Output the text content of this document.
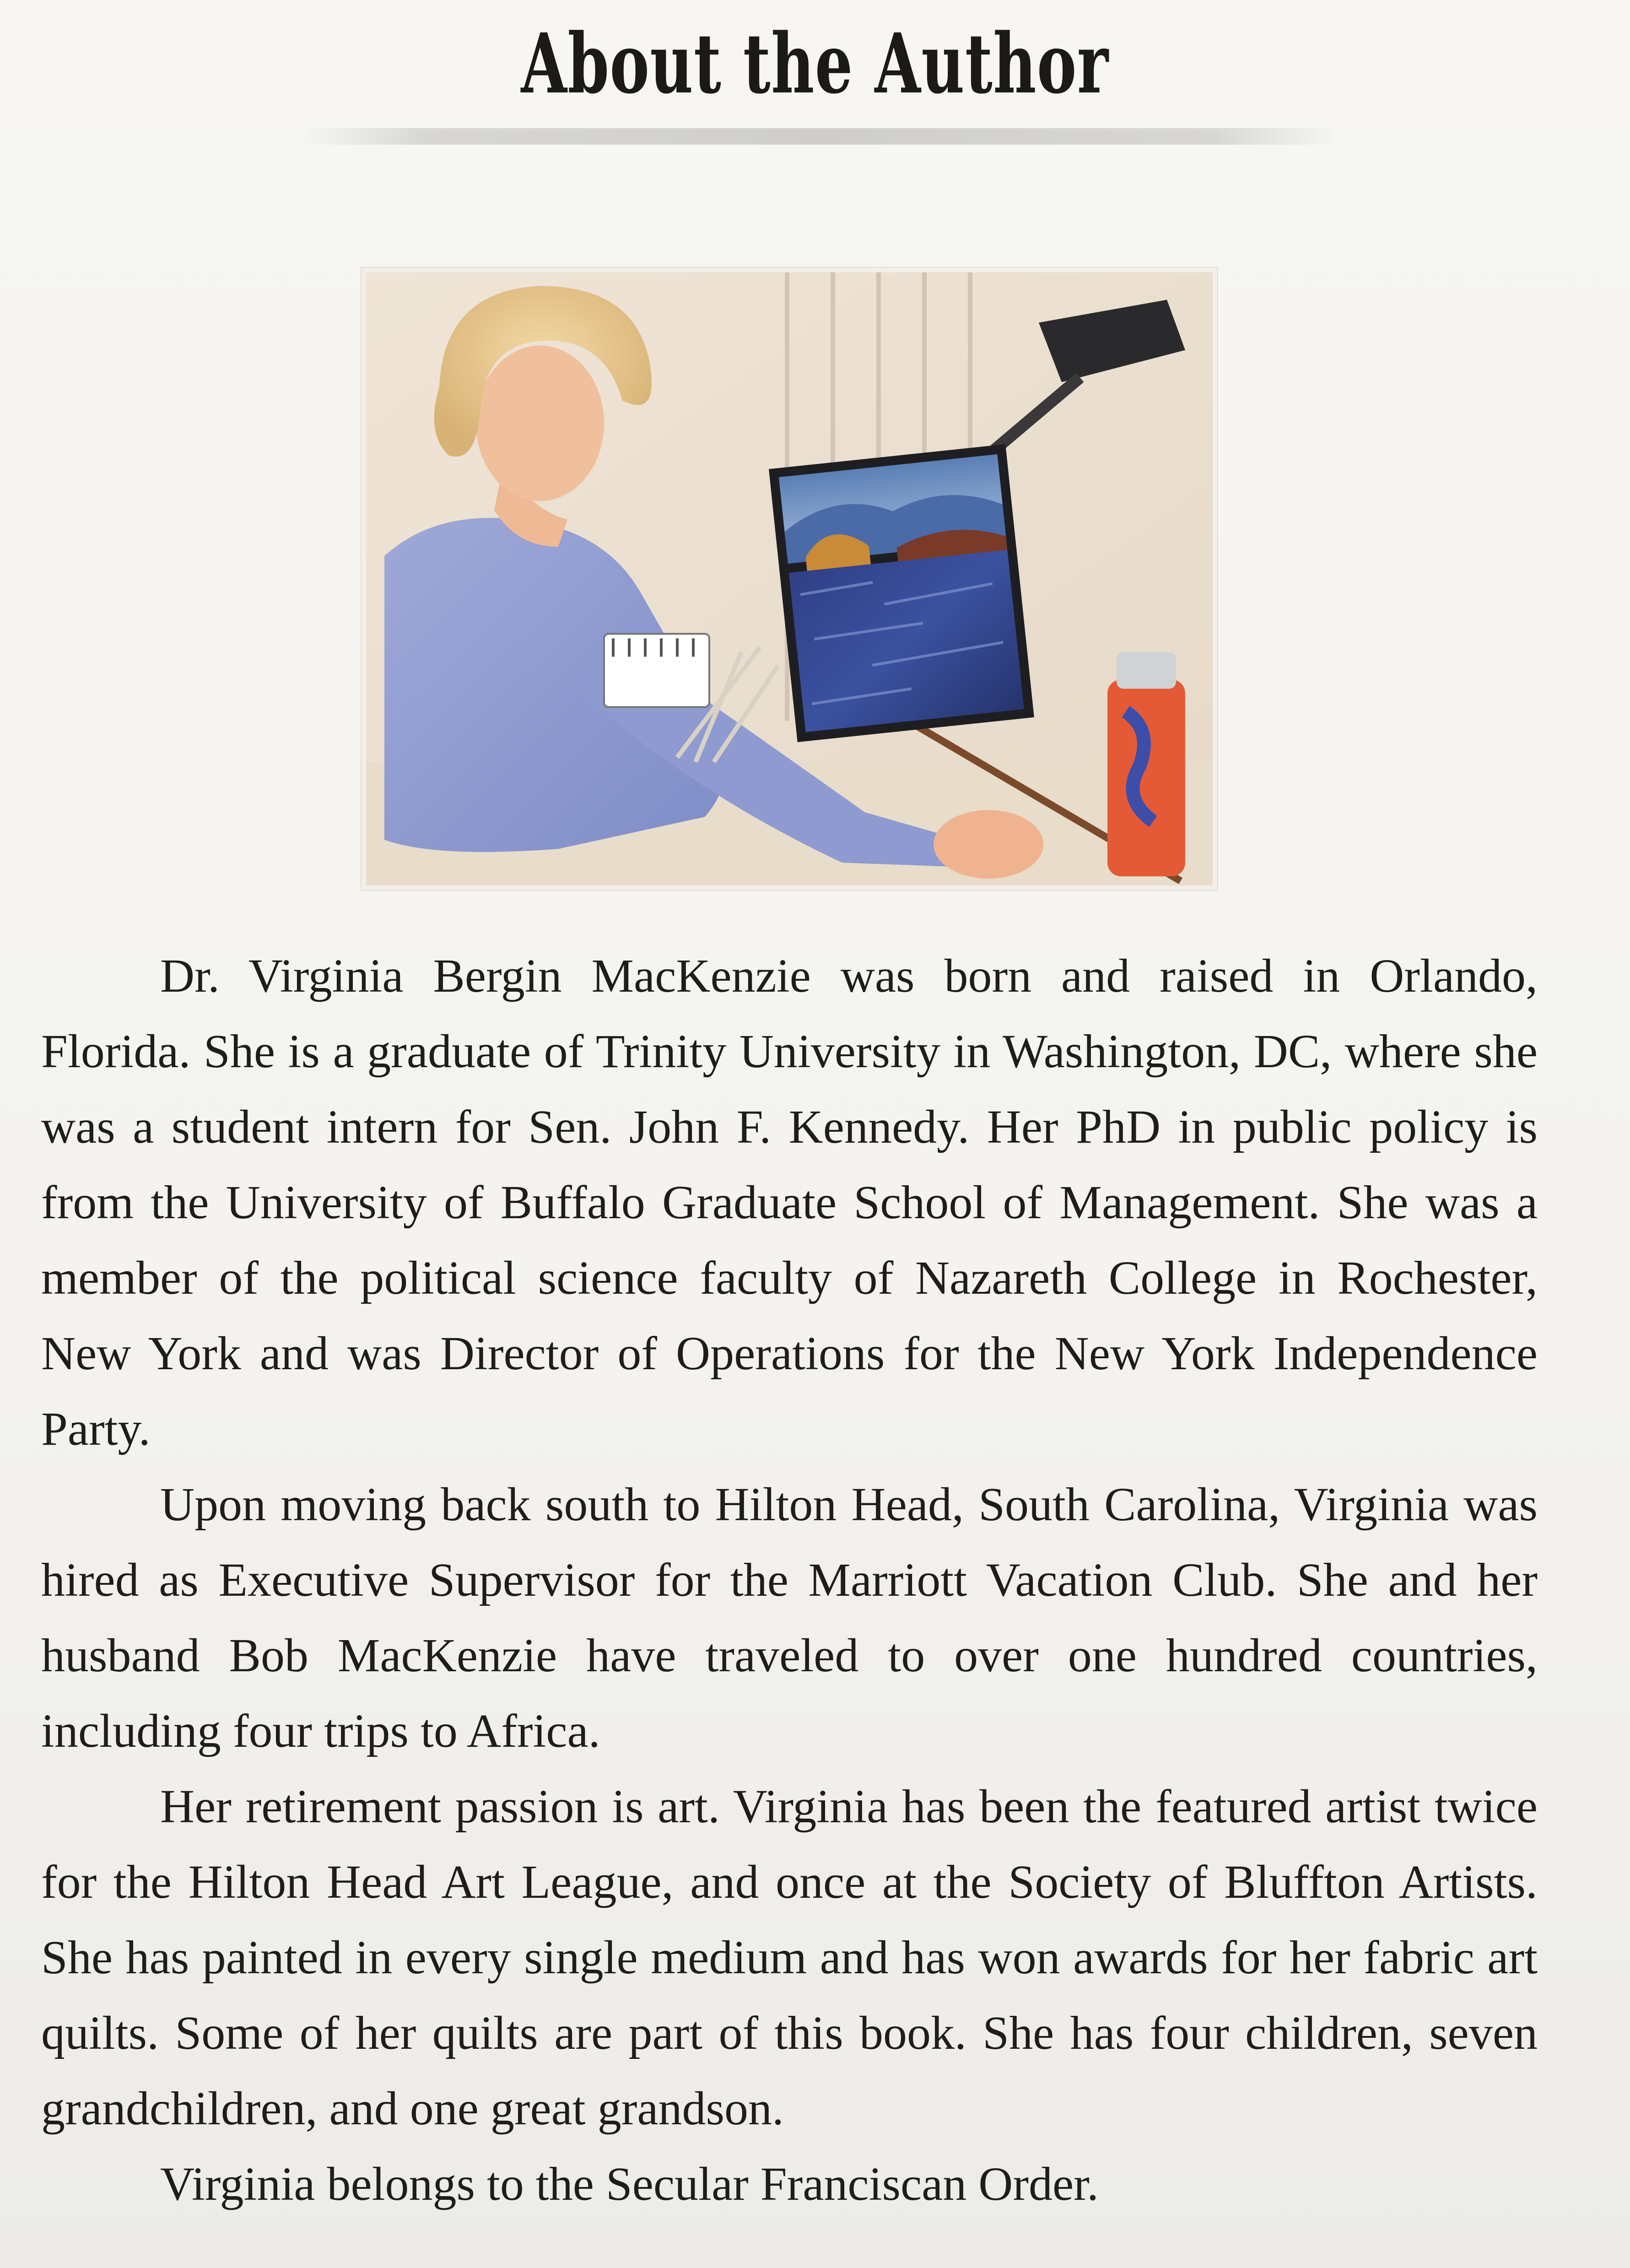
About the Author

Dr. Virginia Bergin MacKenzie was born and raised in Orlando, Florida. She is a graduate of Trinity University in Washington, DC, where she was a student intern for Sen. John F. Kennedy. Her PhD in public policy is from the University of Buffalo Graduate School of Management. She was a member of the political science faculty of Nazareth College in Rochester, New York and was Director of Operations for the New York Independence Party.

Upon moving back south to Hilton Head, South Carolina, Virginia was hired as Executive Supervisor for the Marriott Vacation Club. She and her husband Bob MacKenzie have traveled to over one hundred countries, including four trips to Africa.

Her retirement passion is art. Virginia has been the featured artist twice for the Hilton Head Art League, and once at the Society of Bluffton Artists. She has painted in every single medium and has won awards for her fabric art quilts. Some of her quilts are part of this book. She has four children, seven grandchildren, and one great grandson.

Virginia belongs to the Secular Franciscan Order.
